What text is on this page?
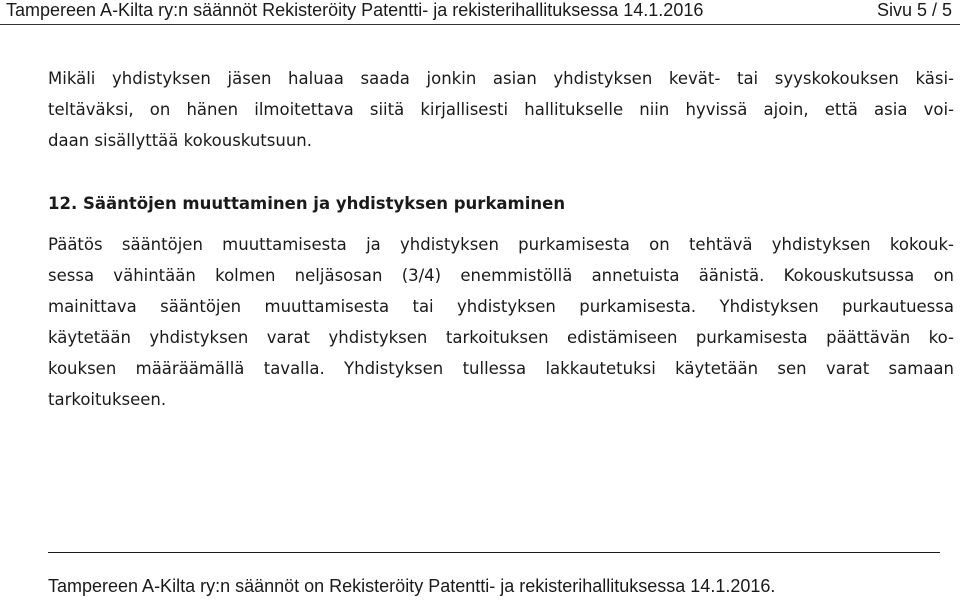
Tampereen A-Kilta ry:n säännöt Rekisteröity Patentti- ja rekisterihallituksessa 14.1.2016	Sivu 5 / 5
Mikäli yhdistyksen jäsen haluaa saada jonkin asian yhdistyksen kevät- tai syyskokouksen käsi-
teltäväksi, on hänen ilmoitettava siitä kirjallisesti hallitukselle niin hyvissä ajoin, että asia voi-
daan sisällyttää kokouskutsuun.
12. Sääntöjen muuttaminen ja yhdistyksen purkaminen
Päätös sääntöjen muuttamisesta ja yhdistyksen purkamisesta on tehtävä yhdistyksen kokouk-
sessa vähintään kolmen neljäsosan (3/4) enemmistöllä annetuista äänistä. Kokouskutsussa on
mainittava sääntöjen muuttamisesta tai yhdistyksen purkamisesta. Yhdistyksen purkautuessa
käytetään yhdistyksen varat yhdistyksen tarkoituksen edistämiseen purkamisesta päättävän ko-
kouksen määräämällä tavalla. Yhdistyksen tullessa lakkautetuksi käytetään sen varat samaan
tarkoitukseen.
Tampereen A-Kilta ry:n säännöt on Rekisteröity Patentti- ja rekisterihallituksessa 14.1.2016.
